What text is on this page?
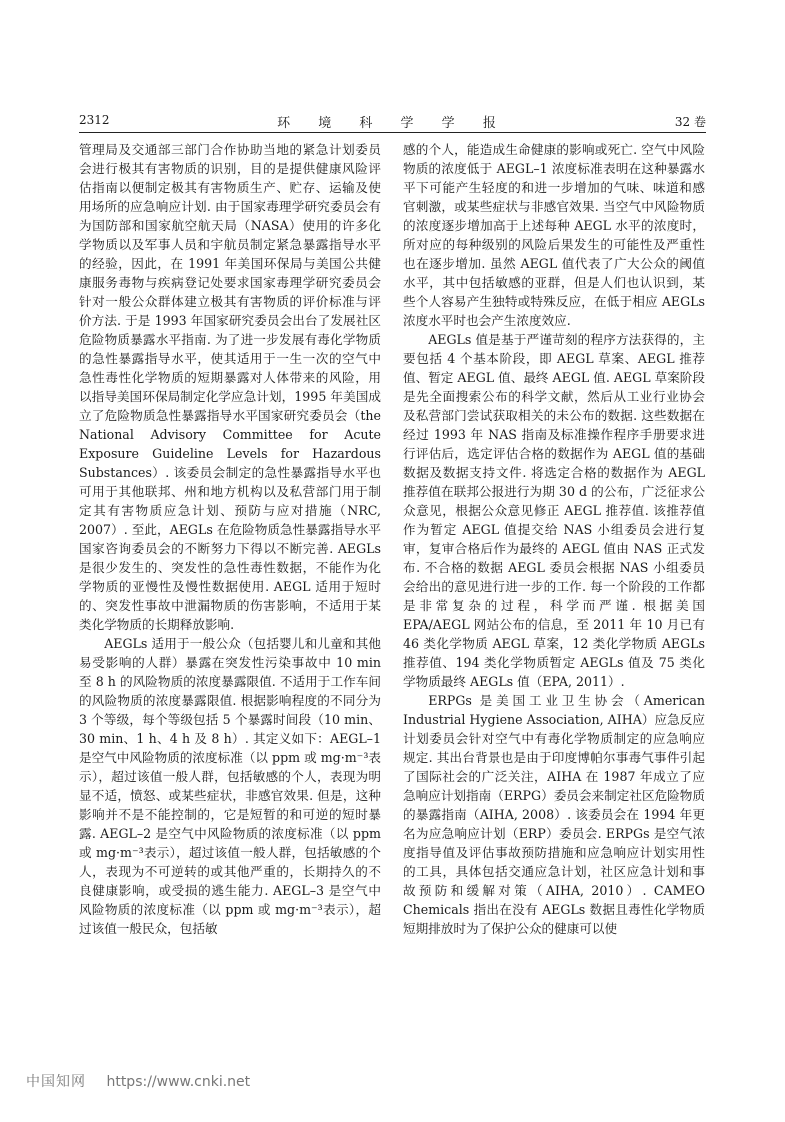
2312	环 境 科 学 学 报	32 卷

管理局及交通部三部门合作协助当地的紧急计划委员会进行极其有害物质的识别，目的是提供健康风险评估指南以便制定极其有害物质生产、贮存、运输及使用场所的应急响应计划. 由于国家毒理学研究委员会有为国防部和国家航空航天局（NASA）使用的许多化学物质以及军事人员和宇航员制定紧急暴露指导水平的经验，因此，在 1991 年美国环保局与美国公共健康服务毒物与疾病登记处要求国家毒理学研究委员会针对一般公众群体建立极其有害物质的评价标准与评价方法. 于是 1993 年国家研究委员会出台了发展社区危险物质暴露水平指南. 为了进一步发展有毒化学物质的急性暴露指导水平，使其适用于一生一次的空气中急性毒性化学物质的短期暴露对人体带来的风险，用以指导美国环保局制定化学应急计划，1995 年美国成立了危险物质急性暴露指导水平国家研究委员会（the National Advisory Committee for Acute Exposure Guideline Levels for Hazardous Substances）. 该委员会制定的急性暴露指导水平也可用于其他联邦、州和地方机构以及私营部门用于制定其有害物质应急计划、预防与应对措施（NRC, 2007）. 至此，AEGLs 在危险物质急性暴露指导水平国家咨询委员会的不断努力下得以不断完善. AEGLs 是很少发生的、突发性的急性毒性数据，不能作为化学物质的亚慢性及慢性数据使用. AEGL 适用于短时的、突发性事故中泄漏物质的伤害影响，不适用于某类化学物质的长期释放影响.

AEGLs 适用于一般公众（包括婴儿和儿童和其他易受影响的人群）暴露在突发性污染事故中 10 min 至 8 h 的风险物质的浓度暴露限值. 不适用于工作车间的风险物质的浓度暴露限值. 根据影响程度的不同分为 3 个等级，每个等级包括 5 个暴露时间段（10 min、30 min、1 h、4 h 及 8 h）. 其定义如下：AEGL–1 是空气中风险物质的浓度标准（以 ppm 或 mg·m⁻³表示），超过该值一般人群，包括敏感的个人，表现为明显不适，愤怒、或某些症状，非感官效果. 但是，这种影响并不是不能控制的，它是短暂的和可逆的短时暴露. AEGL–2 是空气中风险物质的浓度标准（以 ppm 或 mg·m⁻³表示），超过该值一般人群，包括敏感的个人，表现为不可逆转的或其他严重的，长期持久的不良健康影响，或受损的逃生能力. AEGL–3 是空气中风险物质的浓度标准（以 ppm 或 mg·m⁻³表示），超过该值一般民众，包括敏

感的个人，能造成生命健康的影响或死亡. 空气中风险物质的浓度低于 AEGL–1 浓度标准表明在这种暴露水平下可能产生轻度的和进一步增加的气味、味道和感官刺激，或某些症状与非感官效果. 当空气中风险物质的浓度逐步增加高于上述每种 AEGL 水平的浓度时，所对应的每种级别的风险后果发生的可能性及严重性也在逐步增加. 虽然 AEGL 值代表了广大公众的阈值水平，其中包括敏感的亚群，但是人们也认识到，某些个人容易产生独特或特殊反应，在低于相应 AEGLs 浓度水平时也会产生浓度效应.

AEGLs 值是基于严谨苛刻的程序方法获得的，主要包括 4 个基本阶段，即 AEGL 草案、AEGL 推荐值、暂定 AEGL 值、最终 AEGL 值. AEGL 草案阶段是先全面搜索公布的科学文献，然后从工业行业协会及私营部门尝试获取相关的未公布的数据. 这些数据在经过 1993 年 NAS 指南及标准操作程序手册要求进行评估后，选定评估合格的数据作为 AEGL 值的基础数据及数据支持文件. 将选定合格的数据作为 AEGL 推荐值在联邦公报进行为期 30 d 的公布，广泛征求公众意见，根据公众意见修正 AEGL 推荐值. 该推荐值作为暂定 AEGL 值提交给 NAS 小组委员会进行复审，复审合格后作为最终的 AEGL 值由 NAS 正式发布. 不合格的数据 AEGL 委员会根据 NAS 小组委员会给出的意见进行进一步的工作. 每一个阶段的工作都是非常复杂的过程，科学而严谨. 根据美国 EPA/AEGL 网站公布的信息，至 2011 年 10 月已有 46 类化学物质 AEGL 草案，12 类化学物质 AEGLs 推荐值、194 类化学物质暂定 AEGLs 值及 75 类化学物质最终 AEGLs 值（EPA, 2011）.

ERPGs 是美国工业卫生协会（American Industrial Hygiene Association, AIHA）应急反应计划委员会针对空气中有毒化学物质制定的应急响应规定. 其出台背景也是由于印度博帕尔事毒气事件引起了国际社会的广泛关注，AIHA 在 1987 年成立了应急响应计划指南（ERPG）委员会来制定社区危险物质的暴露指南（AIHA, 2008）. 该委员会在 1994 年更名为应急响应计划（ERP）委员会. ERPGs 是空气浓度指导值及评估事故预防措施和应急响应计划实用性的工具，具体包括交通应急计划，社区应急计划和事故预防和缓解对策（AIHA, 2010）. CAMEO Chemicals 指出在没有 AEGLs 数据且毒性化学物质短期排放时为了保护公众的健康可以使

中国知网 https://www.cnki.net
